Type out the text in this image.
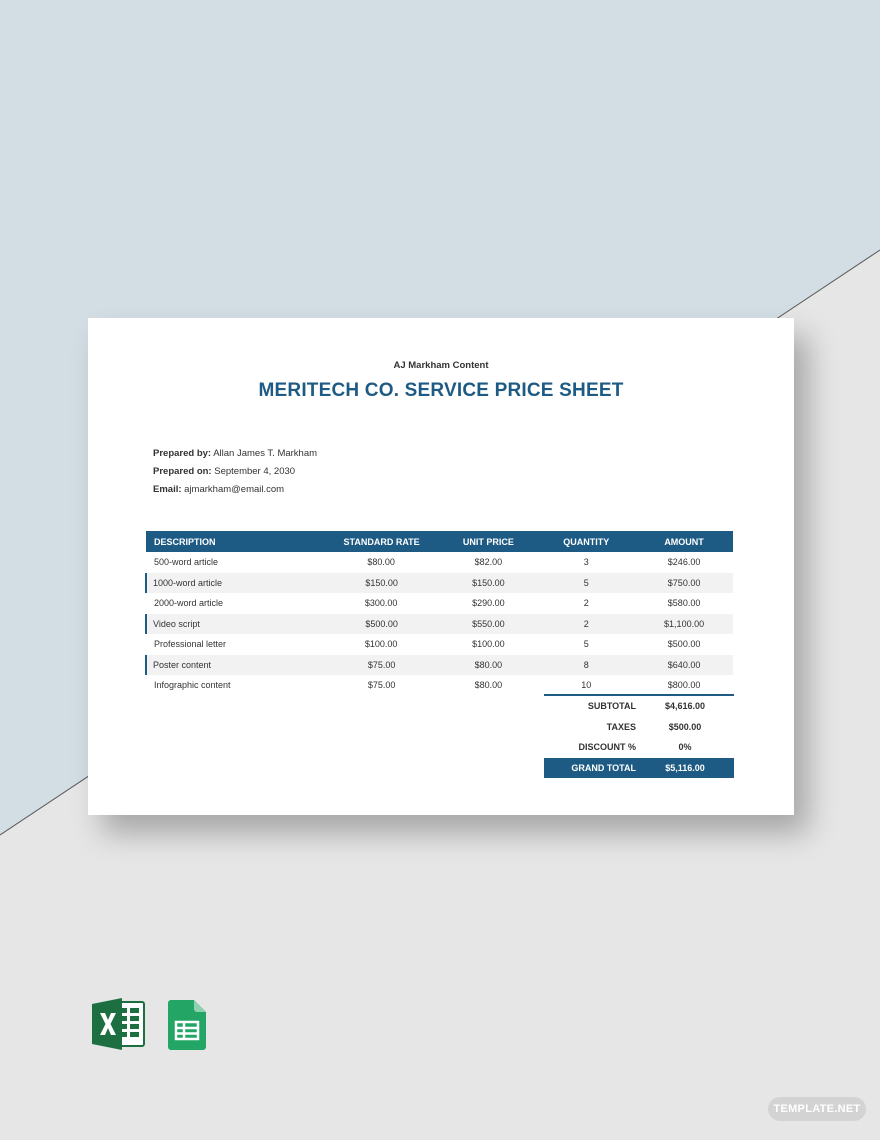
AJ Markham Content
MERITECH CO. SERVICE PRICE SHEET
Prepared by: Allan James T. Markham
Prepared on: September 4, 2030
Email: ajmarkham@email.com
DESCRIPTION	STANDARD RATE	UNIT PRICE	QUANTITY	AMOUNT
500-word article	$80.00	$82.00	3	$246.00
1000-word article	$150.00	$150.00	5	$750.00
2000-word article	$300.00	$290.00	2	$580.00
Video script	$500.00	$550.00	2	$1,100.00
Professional letter	$100.00	$100.00	5	$500.00
Poster content	$75.00	$80.00	8	$640.00
Infographic content	$75.00	$80.00	10	$800.00
SUBTOTAL	$4,616.00
TAXES	$500.00
DISCOUNT %	0%
GRAND TOTAL	$5,116.00
TEMPLATE.NET
